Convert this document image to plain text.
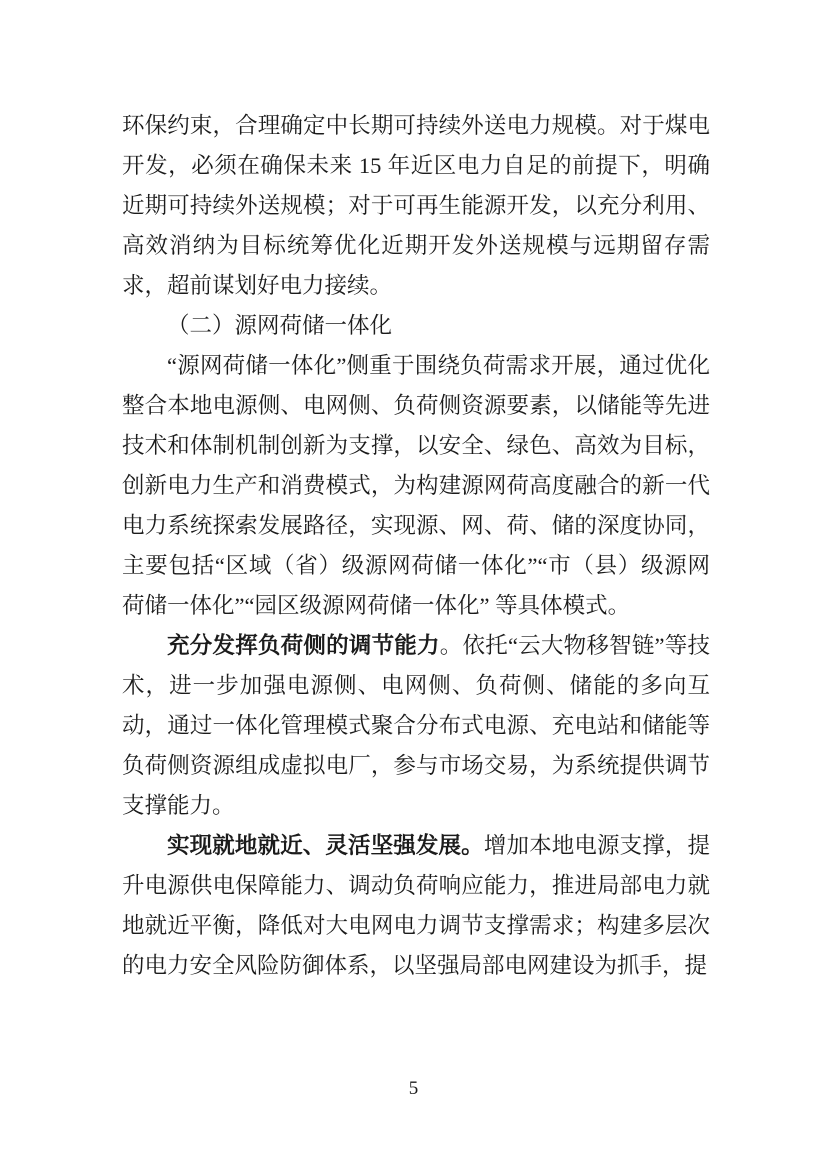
环保约束，合理确定中长期可持续外送电力规模。对于煤电开发，必须在确保未来 15 年近区电力自足的前提下，明确近期可持续外送规模；对于可再生能源开发，以充分利用、高效消纳为目标统筹优化近期开发外送规模与远期留存需求，超前谋划好电力接续。

（二）源网荷储一体化

“源网荷储一体化”侧重于围绕负荷需求开展，通过优化整合本地电源侧、电网侧、负荷侧资源要素，以储能等先进技术和体制机制创新为支撑，以安全、绿色、高效为目标，创新电力生产和消费模式，为构建源网荷高度融合的新一代电力系统探索发展路径，实现源、网、荷、储的深度协同，主要包括“区域（省）级源网荷储一体化”“市（县）级源网荷储一体化”“园区级源网荷储一体化” 等具体模式。

充分发挥负荷侧的调节能力。依托“云大物移智链”等技术，进一步加强电源侧、电网侧、负荷侧、储能的多向互动，通过一体化管理模式聚合分布式电源、充电站和储能等负荷侧资源组成虚拟电厂，参与市场交易，为系统提供调节支撑能力。

实现就地就近、灵活坚强发展。增加本地电源支撑，提升电源供电保障能力、调动负荷响应能力，推进局部电力就地就近平衡，降低对大电网电力调节支撑需求；构建多层次的电力安全风险防御体系，以坚强局部电网建设为抓手，提

5
